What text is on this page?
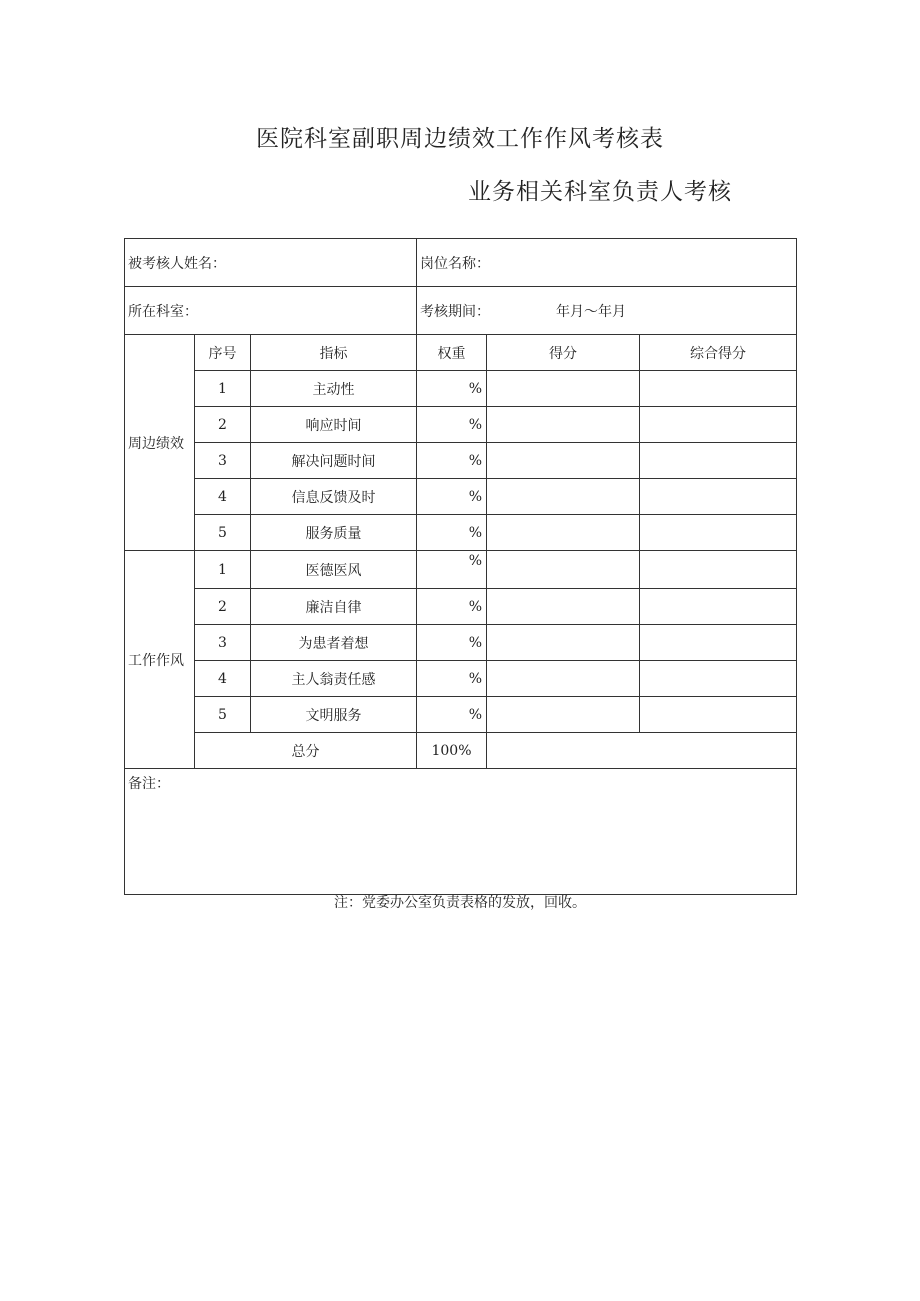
医院科室副职周边绩效工作作风考核表
业务相关科室负责人考核
被考核人姓名：			岗位名称：		
所在科室：			考核期间： 年月～年月		
周边绩效	序号	指标	权重	得分	综合得分
	1	主动性	%		
	2	响应时间	%		
	3	解决问题时间	%		
	4	信息反馈及时	%		
	5	服务质量	%		
工作作风	1	医德医风	%		
	2	廉洁自律	%		
	3	为患者着想	%		
	4	主人翁责任感	%		
	5	文明服务	%		
	总分		100%		
备注：					
注：党委办公室负责表格的发放，回收。
